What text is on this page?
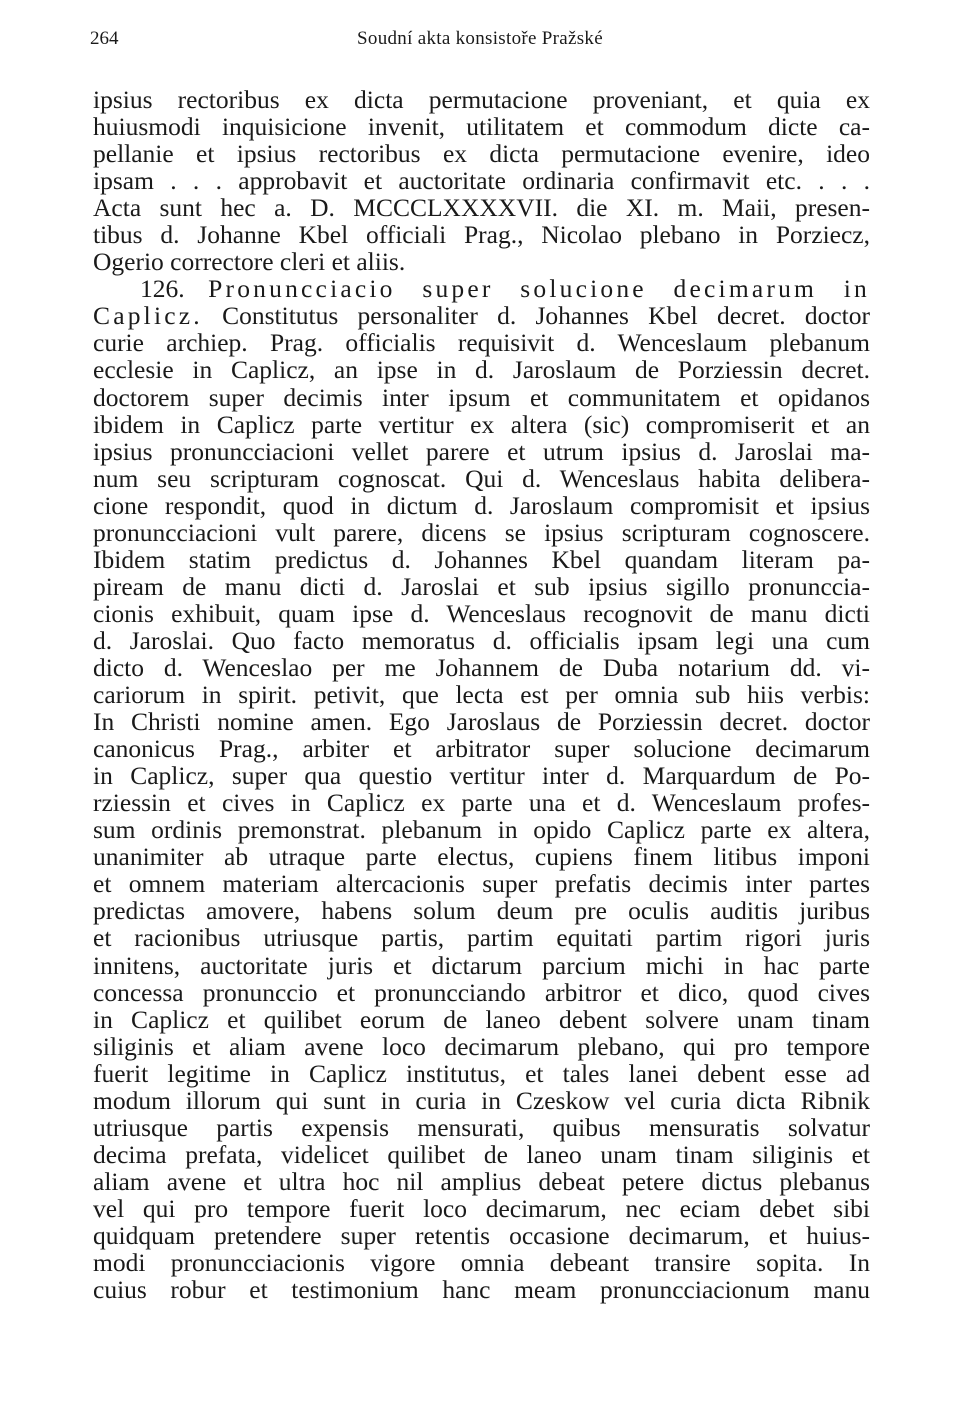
264	Soudní akta konsistoře Pražské
ipsius rectoribus ex dicta permutacione proveniant, et quia ex
huiusmodi inquisicione invenit, utilitatem et commodum dicte ca-
pellanie et ipsius rectoribus ex dicta permutacione evenire, ideo
ipsam . . . approbavit et auctoritate ordinaria confirmavit etc. . . .
Acta sunt hec a. D. MCCCLXXXXVII. die XI. m. Maii, presen-
tibus d. Johanne Kbel officiali Prag., Nicolao plebano in Porziecz,
Ogerio correctore cleri et aliis.
126. Pronuncciacio super solucione decimarum in
Caplicz. Constitutus personaliter d. Johannes Kbel decret. doctor
curie archiep. Prag. officialis requisivit d. Wenceslaum plebanum
ecclesie in Caplicz, an ipse in d. Jaroslaum de Porziessin decret.
doctorem super decimis inter ipsum et communitatem et opidanos
ibidem in Caplicz parte vertitur ex altera (sic) compromiserit et an
ipsius pronuncciacioni vellet parere et utrum ipsius d. Jaroslai ma-
num seu scripturam cognoscat. Qui d. Wenceslaus habita delibera-
cione respondit, quod in dictum d. Jaroslaum compromisit et ipsius
pronuncciacioni vult parere, dicens se ipsius scripturam cognoscere.
Ibidem statim predictus d. Johannes Kbel quandam literam pa-
piream de manu dicti d. Jaroslai et sub ipsius sigillo pronunccia-
cionis exhibuit, quam ipse d. Wenceslaus recognovit de manu dicti
d. Jaroslai. Quo facto memoratus d. officialis ipsam legi una cum
dicto d. Wenceslao per me Johannem de Duba notarium dd. vi-
cariorum in spirit. petivit, que lecta est per omnia sub hiis verbis:
In Christi nomine amen. Ego Jaroslaus de Porziessin decret. doctor
canonicus Prag., arbiter et arbitrator super solucione decimarum
in Caplicz, super qua questio vertitur inter d. Marquardum de Po-
rziessin et cives in Caplicz ex parte una et d. Wenceslaum profes-
sum ordinis premonstrat. plebanum in opido Caplicz parte ex altera,
unanimiter ab utraque parte electus, cupiens finem litibus imponi
et omnem materiam altercacionis super prefatis decimis inter partes
predictas amovere, habens solum deum pre oculis auditis juribus
et racionibus utriusque partis, partim equitati partim rigori juris
innitens, auctoritate juris et dictarum parcium michi in hac parte
concessa pronunccio et pronuncciando arbitror et dico, quod cives
in Caplicz et quilibet eorum de laneo debent solvere unam tinam
siliginis et aliam avene loco decimarum plebano, qui pro tempore
fuerit legitime in Caplicz institutus, et tales lanei debent esse ad
modum illorum qui sunt in curia in Czeskow vel curia dicta Ribnik
utriusque partis expensis mensurati, quibus mensuratis solvatur
decima prefata, videlicet quilibet de laneo unam tinam siliginis et
aliam avene et ultra hoc nil amplius debeat petere dictus plebanus
vel qui pro tempore fuerit loco decimarum, nec eciam debet sibi
quidquam pretendere super retentis occasione decimarum, et huius-
modi pronuncciacionis vigore omnia debeant transire sopita. In
cuius robur et testimonium hanc meam pronuncciacionum manu
